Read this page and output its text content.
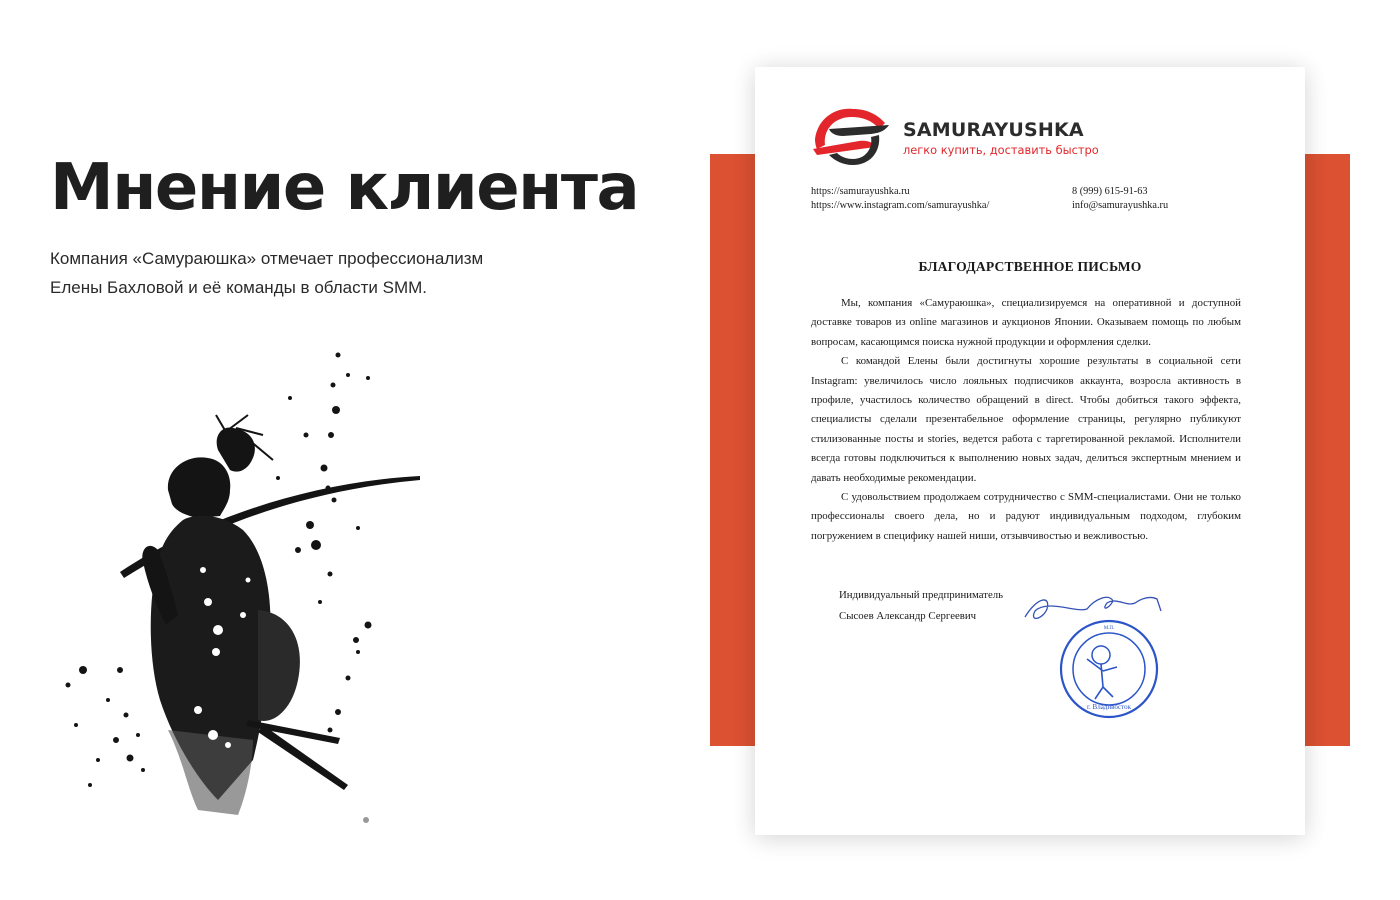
Мнение клиента
Компания «Самураюшка» отмечает профессионализм
Елены Бахловой и её команды в области SMM.
SAMURAYUSHKA
легко купить, доставить быстро
https://samurayushka.ru
https://www.instagram.com/samurayushka/
8 (999) 615-91-63
info@samurayushka.ru
БЛАГОДАРСТВЕННОЕ ПИСЬМО

Мы, компания «Самураюшка», специализируемся на оперативной и доступной доставке товаров из online магазинов и аукционов Японии. Оказываем помощь по любым вопросам, касающимся поиска нужной продукции и оформления сделки.

С командой Елены были достигнуты хорошие результаты в социальной сети Instagram: увеличилось число лояльных подписчиков аккаунта, возросла активность в профиле, участилось количество обращений в direct. Чтобы добиться такого эффекта, специалисты сделали презентабельное оформление страницы, регулярно публикуют стилизованные посты и stories, ведется работа с таргетированной рекламой. Исполнители всегда готовы подключиться к выполнению новых задач, делиться экспертным мнением и давать необходимые рекомендации.

С удовольствием продолжаем сотрудничество с SMM-специалистами. Они не только профессионалы своего дела, но и радуют индивидуальным подходом, глубоким погружением в специфику нашей ниши, отзывчивостью и вежливостью.

Индивидуальный предприниматель
Сысоев Александр Сергеевич
г. Владивосток
М.П.
